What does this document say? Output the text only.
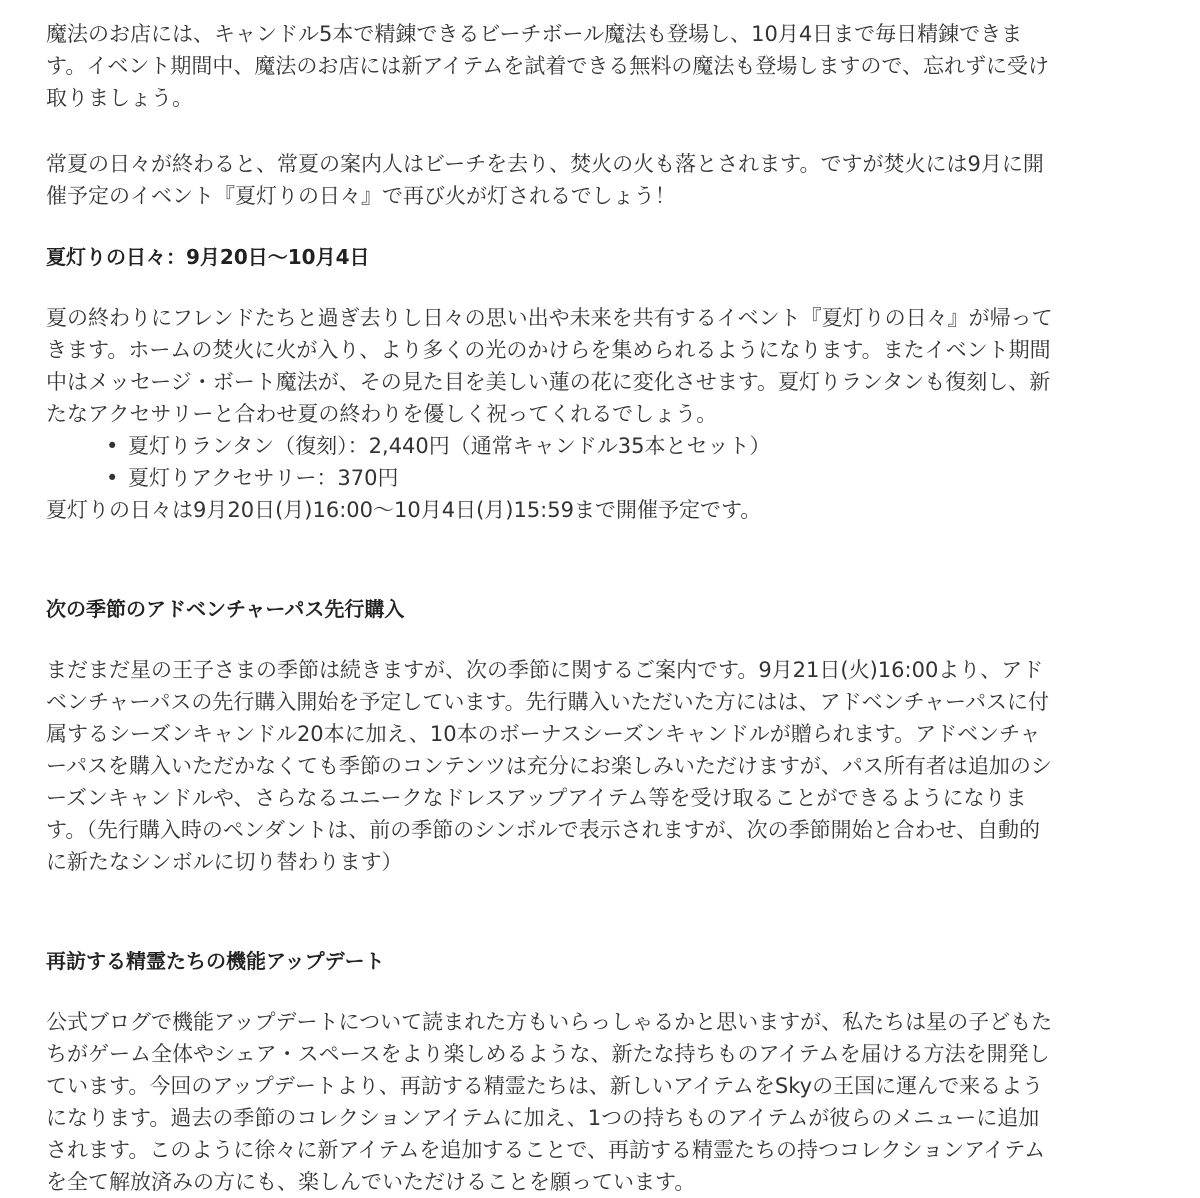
魔法のお店には、キャンドル5本で精錬できるビーチボール魔法も登場し、10月4日まで毎日精錬できます。イベント期間中、魔法のお店には新アイテムを試着できる無料の魔法も登場しますので、忘れずに受け取りましょう。

常夏の日々が終わると、常夏の案内人はビーチを去り、焚火の火も落とされます。ですが焚火には9月に開催予定のイベント『夏灯りの日々』で再び火が灯されるでしょう！

夏灯りの日々：9月20日〜10月4日

夏の終わりにフレンドたちと過ぎ去りし日々の思い出や未来を共有するイベント『夏灯りの日々』が帰ってきます。ホームの焚火に火が入り、より多くの光のかけらを集められるようになります。またイベント期間中はメッセージ・ボート魔法が、その見た目を美しい蓮の花に変化させます。夏灯りランタンも復刻し、新たなアクセサリーと合わせ夏の終わりを優しく祝ってくれるでしょう。

• 夏灯りランタン（復刻）：2,440円（通常キャンドル35本とセット）
• 夏灯りアクセサリー：370円

夏灯りの日々は9月20日(月)16:00〜10月4日(月)15:59まで開催予定です。

次の季節のアドベンチャーパス先行購入

まだまだ星の王子さまの季節は続きますが、次の季節に関するご案内です。9月21日(火)16:00より、アドベンチャーパスの先行購入開始を予定しています。先行購入いただいた方にはは、アドベンチャーパスに付属するシーズンキャンドル20本に加え、10本のボーナスシーズンキャンドルが贈られます。アドベンチャーパスを購入いただかなくても季節のコンテンツは充分にお楽しみいただけますが、パス所有者は追加のシーズンキャンドルや、さらなるユニークなドレスアップアイテム等を受け取ることができるようになります。（先行購入時のペンダントは、前の季節のシンボルで表示されますが、次の季節開始と合わせ、自動的に新たなシンボルに切り替わります）

再訪する精霊たちの機能アップデート

公式ブログで機能アップデートについて読まれた方もいらっしゃるかと思いますが、私たちは星の子どもたちがゲーム全体やシェア・スペースをより楽しめるような、新たな持ちものアイテムを届ける方法を開発しています。今回のアップデートより、再訪する精霊たちは、新しいアイテムをSkyの王国に運んで来るようになります。過去の季節のコレクションアイテムに加え、1つの持ちものアイテムが彼らのメニューに追加されます。このように徐々に新アイテムを追加することで、再訪する精霊たちの持つコレクションアイテムを全て解放済みの方にも、楽しんでいただけることを願っています。
